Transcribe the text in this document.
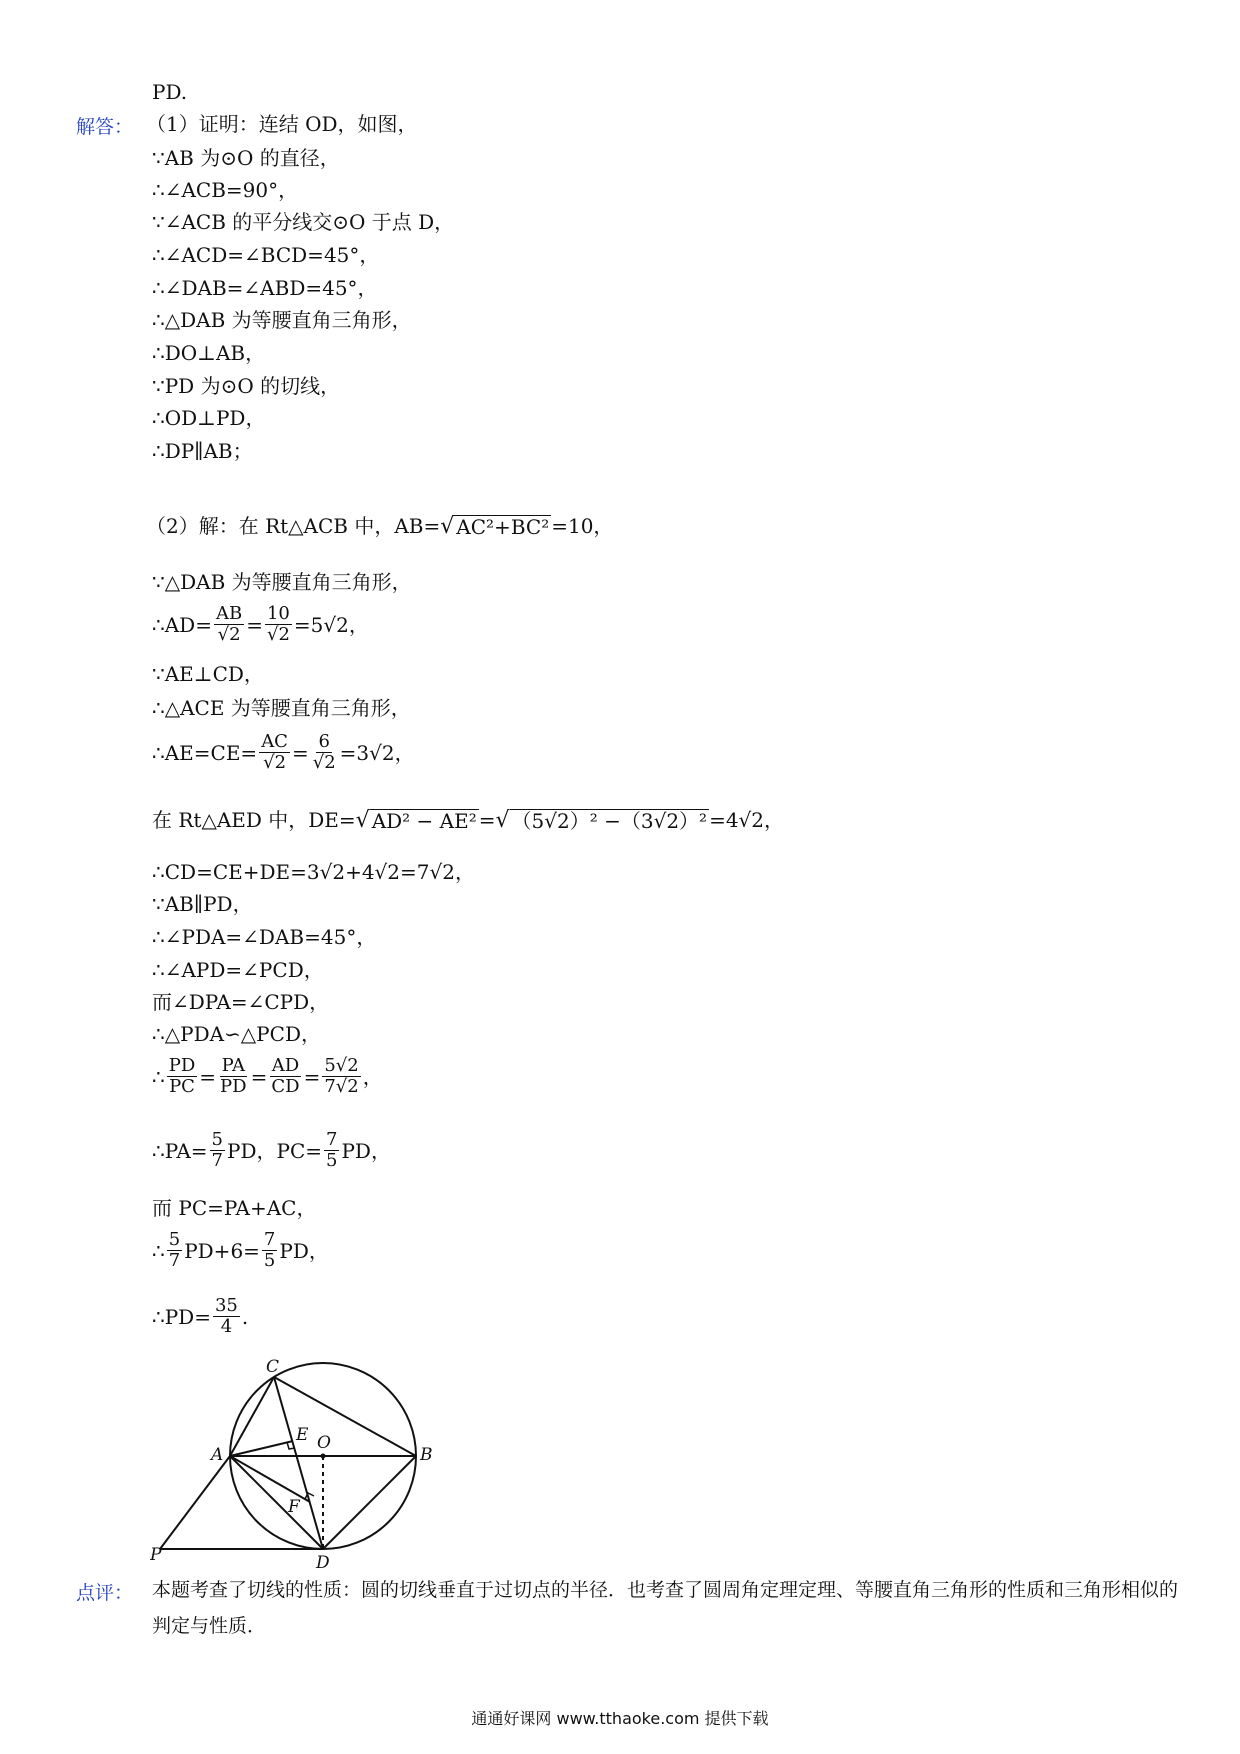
PD.
解答： （1）证明：连结 OD，如图，
∵AB 为⊙O 的直径，
∴∠ACB=90°，
∵∠ACB 的平分线交⊙O 于点 D，
∴∠ACD=∠BCD=45°，
∴∠DAB=∠ABD=45°，
∴△DAB 为等腰直角三角形，
∴DO⊥AB，
∵PD 为⊙O 的切线，
∴OD⊥PD，
∴DP∥AB；
（2）解：在 Rt△ACB 中，AB= √ AC²+BC² =10，
∵△DAB 为等腰直角三角形，
∴AD= $\frac{AB}{√2} = \frac{10}{√2} =5√2$，
∵AE⊥CD，
∴△ACE 为等腰直角三角形，
∴AE=CE= $\frac{AC}{√2} = \frac{6}{√2} =3√2$，
在 Rt△AED 中，DE= √ AD² − AE² = √ （5√2）² −（3√2）² =4√2，
∴CD=CE+DE=3√2+4√2=7√2，
∵AB∥PD，
∴∠PDA=∠DAB=45°，
∴∠APD=∠PCD，
而∠DPA=∠CPD，
∴△PDA∽△PCD，
∴ $\frac{PD}{PC} = \frac{PA}{PD} = \frac{AD}{CD} = \frac{5√2}{7√2}$ ，
∴PA= $\frac{5}{7}$ PD，$PC= \frac{7}{5}$ PD，
而 PC=PA+AC，
∴ $\frac{5}{7} PD+6= \frac{7}{5}$ PD，
∴PD= $\frac{35}{4}$ .
C
E O
A	B
F
P	D
点评： 本题考查了切线的性质：圆的切线垂直于过切点的半径．也考查了圆周角定理定理、等腰直角三角形的性质和三角形相似的判定与性质．
通通好课网 www.tthaoke.com 提供下载
